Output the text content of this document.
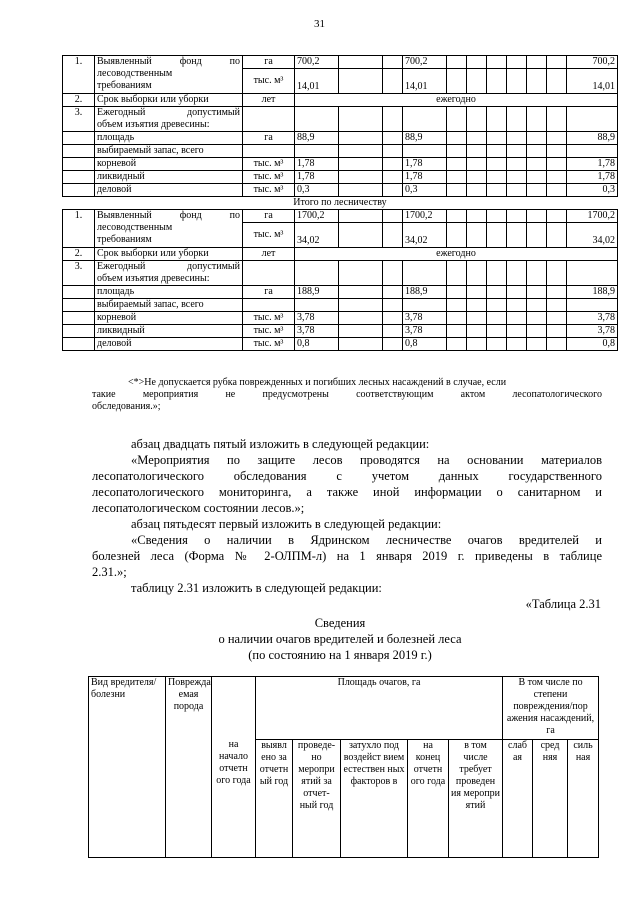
31
1.	Выявленный фонд по
лесоводственным
требованиям	га	700,2			700,2							700,2
		тыс. м³	14,01			14,01							14,01
2.	Срок выборки или уборки	лет	ежегодно										
3.	Ежегодный допустимый
объем изъятия древесины:												

	площадь	га	88,9			88,9							88,9
	выбираемый запас, всего												
	корневой	тыс. м³	1,78			1,78							1,78
	ликвидный	тыс. м³	1,78			1,78							1,78
	деловой	тыс. м³	0,3			0,3							0,3
Итого по лесничеству													
1.	Выявленный фонд по
лесоводственным
требованиям	га	1700,2			1700,2							1700,2
		тыс. м³	34,02			34,02							34,02
2.	Срок выборки или уборки	лет	ежегодно										
3.	Ежегодный допустимый
объем изъятия древесины:												

	площадь	га	188,9			188,9							188,9
	выбираемый запас, всего												
	корневой	тыс. м³	3,78			3,78							3,78
	ликвидный	тыс. м³	3,78			3,78							3,78
	деловой	тыс. м³	0,8			0,8							0,8
<*>Не допускается рубка поврежденных и погибших лесных насаждений в случае, если
такие мероприятия не предусмотрены соответствующим актом лесопатологического
обследования.»;
абзац двадцать пятый изложить в следующей редакции:
«Мероприятия по защите лесов проводятся на основании материалов
лесопатологического обследования с учетом данных государственного
лесопатологического мониторинга, а также иной информации о санитарном и
лесопатологическом состоянии лесов.»;
абзац пятьдесят первый изложить в следующей редакции:
«Сведения о наличии в Ядринском лесничестве очагов вредителей и
болезней леса (Форма № 2-ОЛПМ-л) на 1 января 2019 г. приведены в таблице
2.31.»;
таблицу 2.31 изложить в следующей редакции:
«Таблица 2.31
Сведения
о наличии очагов вредителей и болезней леса
(по состоянию на 1 января 2019 г.)
Вид вредителя/ болезни	Поврежда емая порода		Площадь очагов, га					В том числе по степени повреждения/пор ажения насаждений, га		
		на начало отчетн ого года	выявл ено за отчетн ый год	проведе- но меропри ятий за отчет- ный год	затухло под воздейст вием естествен ных факторов в	на конец отчетн ого года	в том числе требует проведен ия меропри ятий	слаб ая	сред няя	силь ная
